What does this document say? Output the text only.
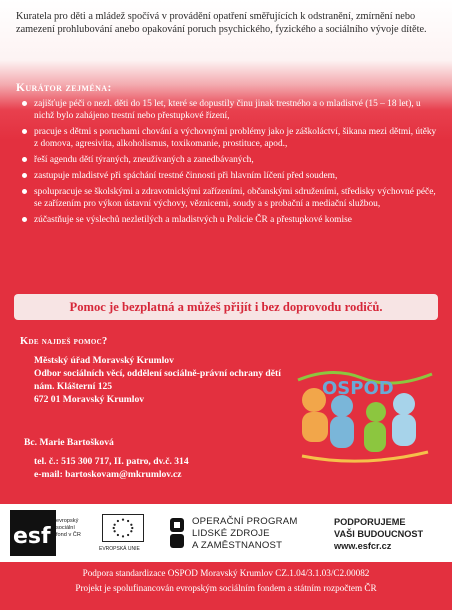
Kuratela pro děti a mládež spočívá v provádění opatření směřujících k odstranění, zmírnění nebo zamezení prohlubování anebo opakování poruch psychického, fyzického a sociálního vývoje dítěte.

Kurátor zejména:
zajišťuje péči o nezl. děti do 15 let, které se dopustily činu jinak trestného a o mladistvé (15 – 18 let), u nichž bylo zahájeno trestní nebo přestupkové řízení,
pracuje s dětmi s poruchami chování a výchovnými problémy jako je záškoláctví, šikana mezi dětmi, útěky z domova, agresivita, alkoholismus, toxikomanie, prostituce, apod.,
řeší agendu dětí týraných, zneužívaných a zanedbávaných,
zastupuje mladistvé při spáchání trestné činnosti při hlavním líčení před soudem,
spolupracuje se školskými a zdravotnickými zařízeními, občanskými sdruženími, středisky výchovné péče, se zařízením pro výkon ústavní výchovy, věznicemi, soudy a s probační a mediační službou,
zúčastňuje se výslechů nezletilých a mladistvých u Policie ČR a přestupkové komise
Pomoc je bezplatná a můžeš přijít i bez doprovodu rodičů.
Kde najdeš pomoc?
Městský úřad Moravský Krumlov
Odbor sociálních věcí, oddělení sociálně-právní ochrany dětí
nám. Klášterní 125
672 01 Moravský Krumlov
Bc. Marie Bartošková
tel. č.: 515 300 717, II. patro, dv.č. 314
e-mail: bartoskovam@mkrumlov.cz
OSPOD
esf
evropský
sociální
fond v ČR
EVROPSKÁ UNIE
OPERAČNÍ PROGRAM
LIDSKÉ ZDROJE
A ZAMĚSTNANOST
PODPORUJEME
VAŠI BUDOUCNOST
www.esfcr.cz
Podpora standardizace OSPOD Moravský Krumlov CZ.1.04/3.1.03/C2.00082
Projekt je spolufinancován evropským sociálním fondem a státním rozpočtem ČR
